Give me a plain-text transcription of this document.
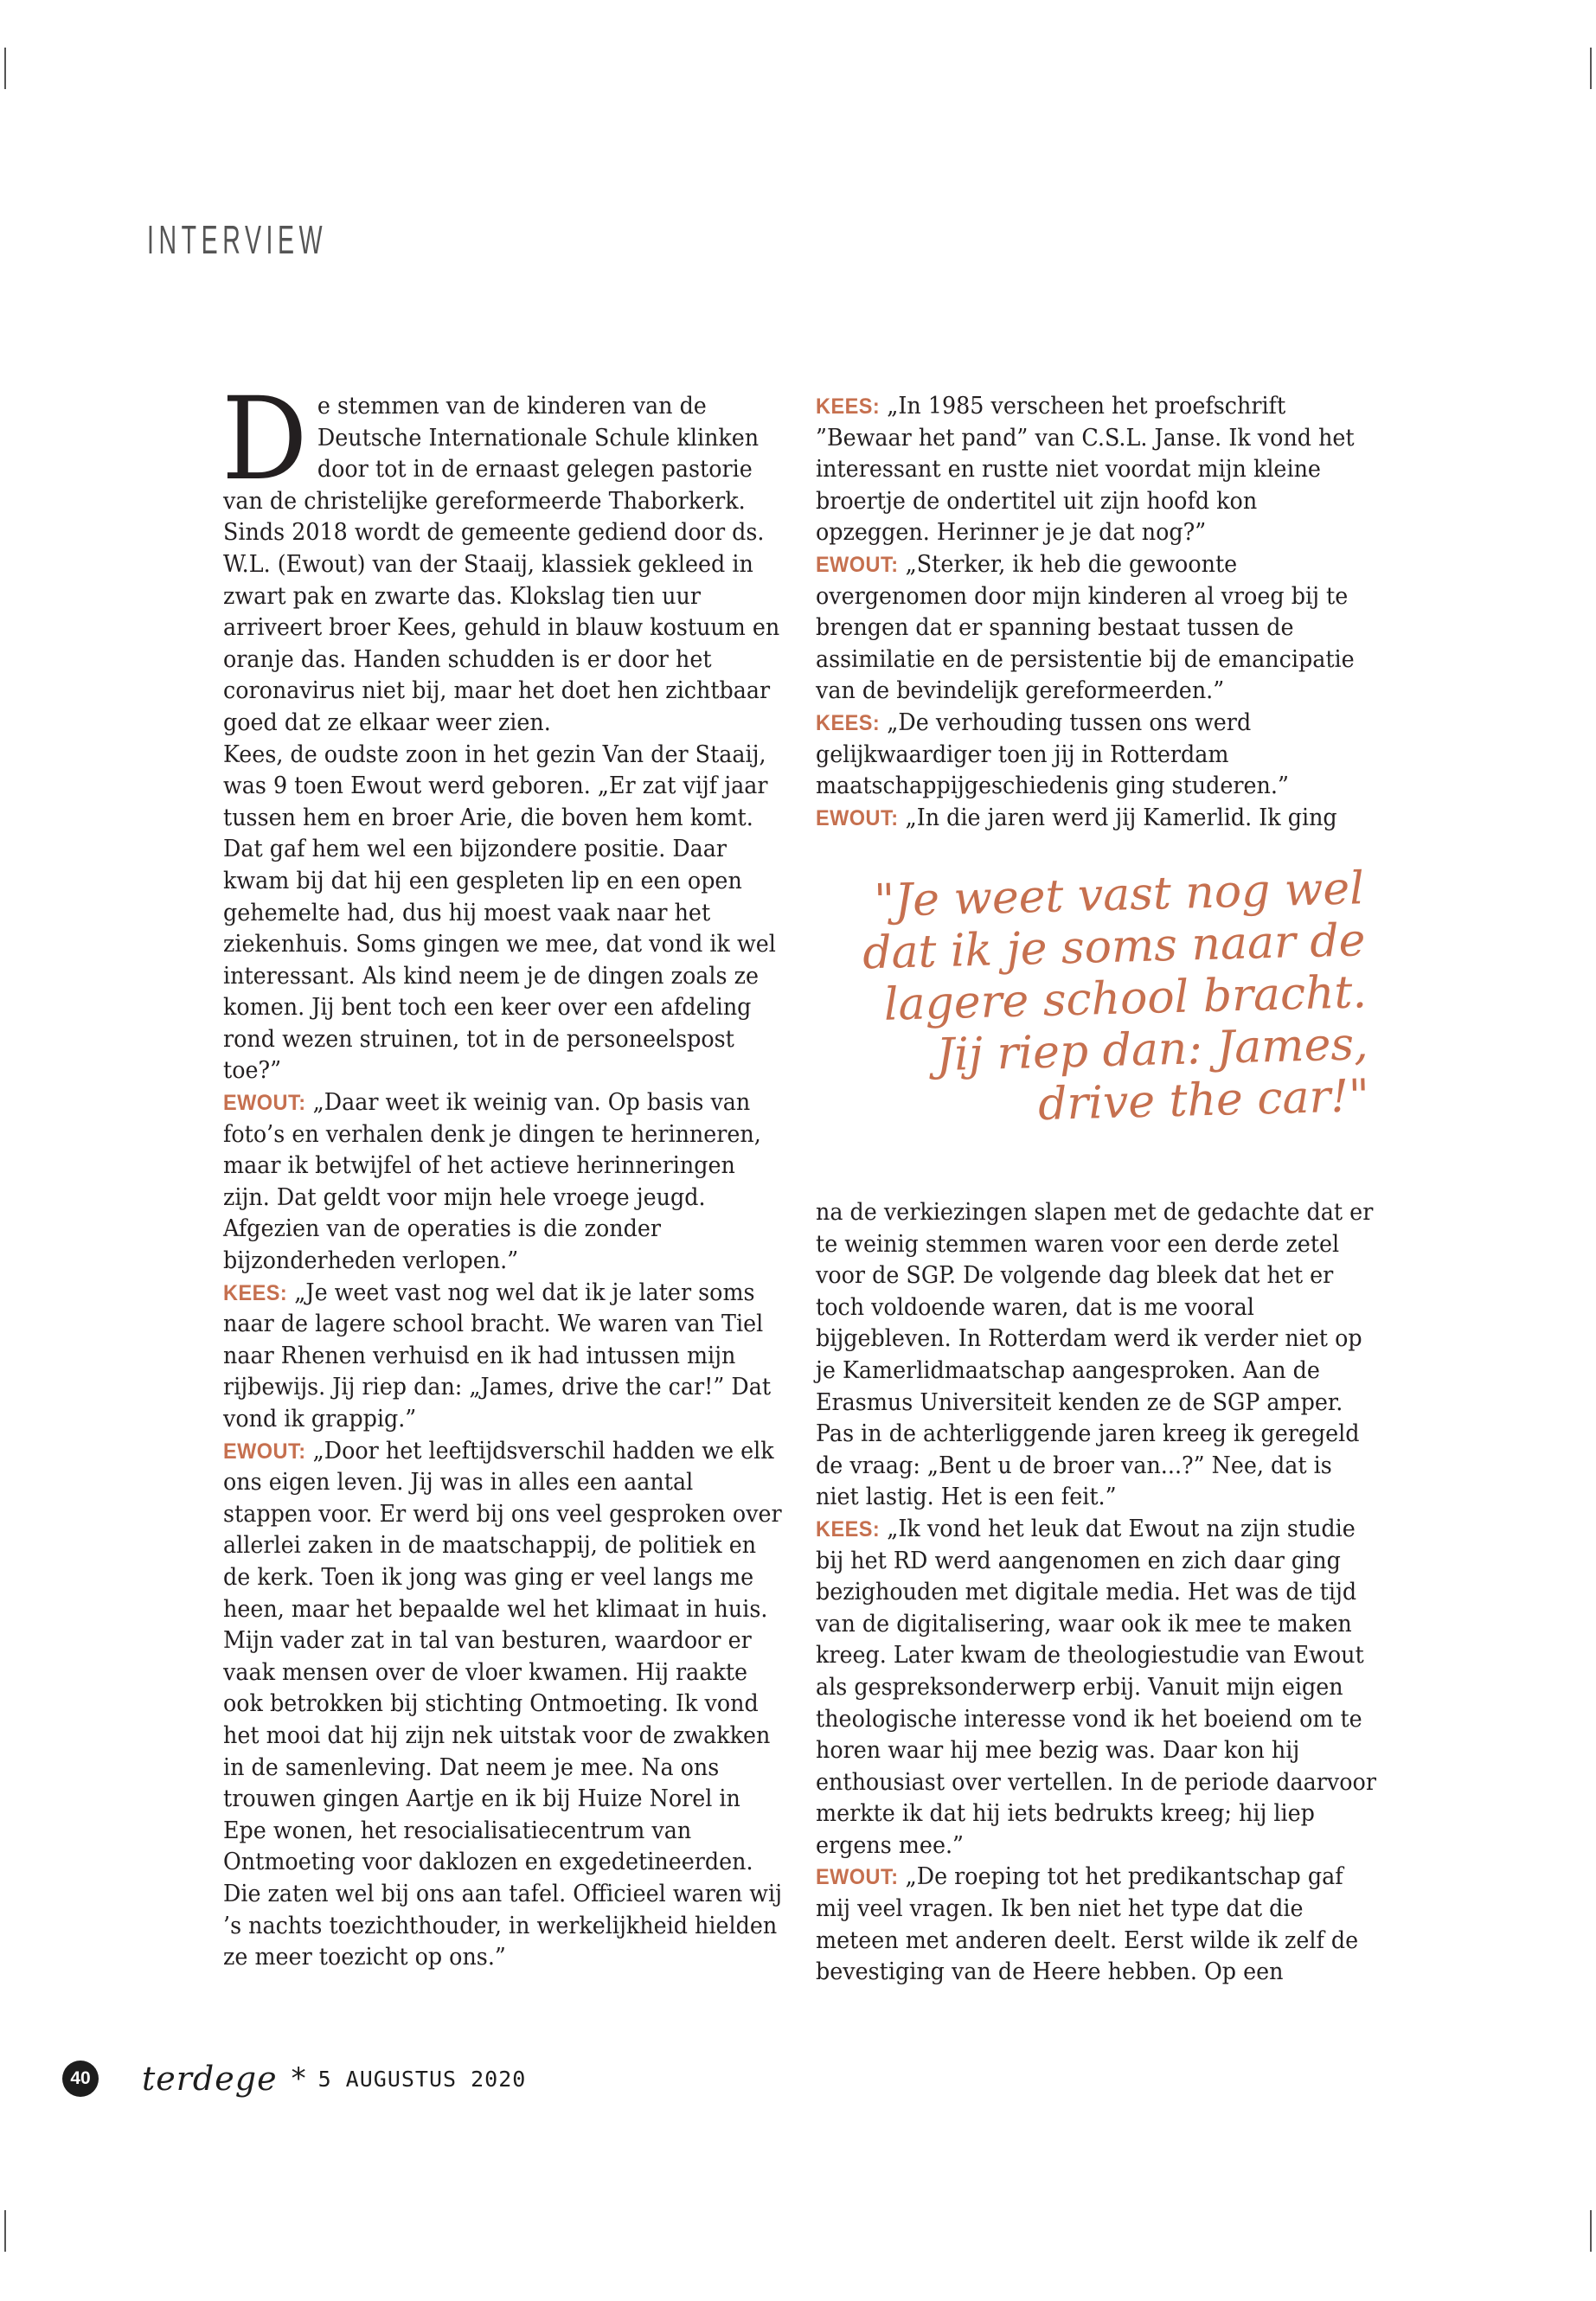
INTERVIEW

De stemmen van de kinderen van de Deutsche Internationale Schule klinken door tot in de ernaast gelegen pastorie van de christelijke gereformeerde Thaborkerk. Sinds 2018 wordt de gemeente gediend door ds. W.L. (Ewout) van der Staaij, klassiek gekleed in zwart pak en zwarte das. Klokslag tien uur arriveert broer Kees, gehuld in blauw kostuum en oranje das. Handen schudden is er door het coronavirus niet bij, maar het doet hen zichtbaar goed dat ze elkaar weer zien.

Kees, de oudste zoon in het gezin Van der Staaij, was 9 toen Ewout werd geboren. „Er zat vijf jaar tussen hem en broer Arie, die boven hem komt. Dat gaf hem wel een bijzondere positie. Daar kwam bij dat hij een gespleten lip en een open gehemelte had, dus hij moest vaak naar het ziekenhuis. Soms gingen we mee, dat vond ik wel interessant. Als kind neem je de dingen zoals ze komen. Jij bent toch een keer over een afdeling rond wezen struinen, tot in de personeelspost toe?”

EWOUT: „Daar weet ik weinig van. Op basis van foto’s en verhalen denk je dingen te herinneren, maar ik betwijfel of het actieve herinneringen zijn. Dat geldt voor mijn hele vroege jeugd. Afgezien van de operaties is die zonder bijzonderheden verlopen.”

KEES: „Je weet vast nog wel dat ik je later soms naar de lagere school bracht. We waren van Tiel naar Rhenen verhuisd en ik had intussen mijn rijbewijs. Jij riep dan: „James, drive the car!” Dat vond ik grappig.”

EWOUT: „Door het leeftijdsverschil hadden we elk ons eigen leven. Jij was in alles een aantal stappen voor. Er werd bij ons veel gesproken over allerlei zaken in de maatschappij, de politiek en de kerk. Toen ik jong was ging er veel langs me heen, maar het bepaalde wel het klimaat in huis. Mijn vader zat in tal van besturen, waardoor er vaak mensen over de vloer kwamen. Hij raakte ook betrokken bij stichting Ontmoeting. Ik vond het mooi dat hij zijn nek uitstak voor de zwakken in de samenleving. Dat neem je mee. Na ons trouwen gingen Aartje en ik bij Huize Norel in Epe wonen, het resocialisatiecentrum van Ontmoeting voor daklozen en exgedetineerden. Die zaten wel bij ons aan tafel. Officieel waren wij ’s nachts toezichthouder, in werkelijkheid hielden ze meer toezicht op ons.”

KEES: „In 1985 verscheen het proefschrift ”Bewaar het pand” van C.S.L. Janse. Ik vond het interessant en rustte niet voordat mijn kleine broertje de ondertitel uit zijn hoofd kon opzeggen. Herinner je je dat nog?”

EWOUT: „Sterker, ik heb die gewoonte overgenomen door mijn kinderen al vroeg bij te brengen dat er spanning bestaat tussen de assimilatie en de persistentie bij de emancipatie van de bevindelijk gereformeerden.”

KEES: „De verhouding tussen ons werd gelijkwaardiger toen jij in Rotterdam maatschappijgeschiedenis ging studeren.”

EWOUT: „In die jaren werd jij Kamerlid. Ik ging

"Je weet vast nog wel
dat ik je soms naar de
lagere school bracht.
Jij riep dan: James,
drive the car!"

na de verkiezingen slapen met de gedachte dat er te weinig stemmen waren voor een derde zetel voor de SGP. De volgende dag bleek dat het er toch voldoende waren, dat is me vooral bijgebleven. In Rotterdam werd ik verder niet op je Kamerlidmaatschap aangesproken. Aan de Erasmus Universiteit kenden ze de SGP amper. Pas in de achterliggende jaren kreeg ik geregeld de vraag: „Bent u de broer van...?” Nee, dat is niet lastig. Het is een feit.”

KEES: „Ik vond het leuk dat Ewout na zijn studie bij het RD werd aangenomen en zich daar ging bezighouden met digitale media. Het was de tijd van de digitalisering, waar ook ik mee te maken kreeg. Later kwam de theologiestudie van Ewout als gespreksonderwerp erbij. Vanuit mijn eigen theologische interesse vond ik het boeiend om te horen waar hij mee bezig was. Daar kon hij enthousiast over vertellen. In de periode daarvoor merkte ik dat hij iets bedrukts kreeg; hij liep ergens mee.”

EWOUT: „De roeping tot het predikantschap gaf mij veel vragen. Ik ben niet het type dat die meteen met anderen deelt. Eerst wilde ik zelf de bevestiging van de Heere hebben. Op een

40 terdege * 5 AUGUSTUS 2020
